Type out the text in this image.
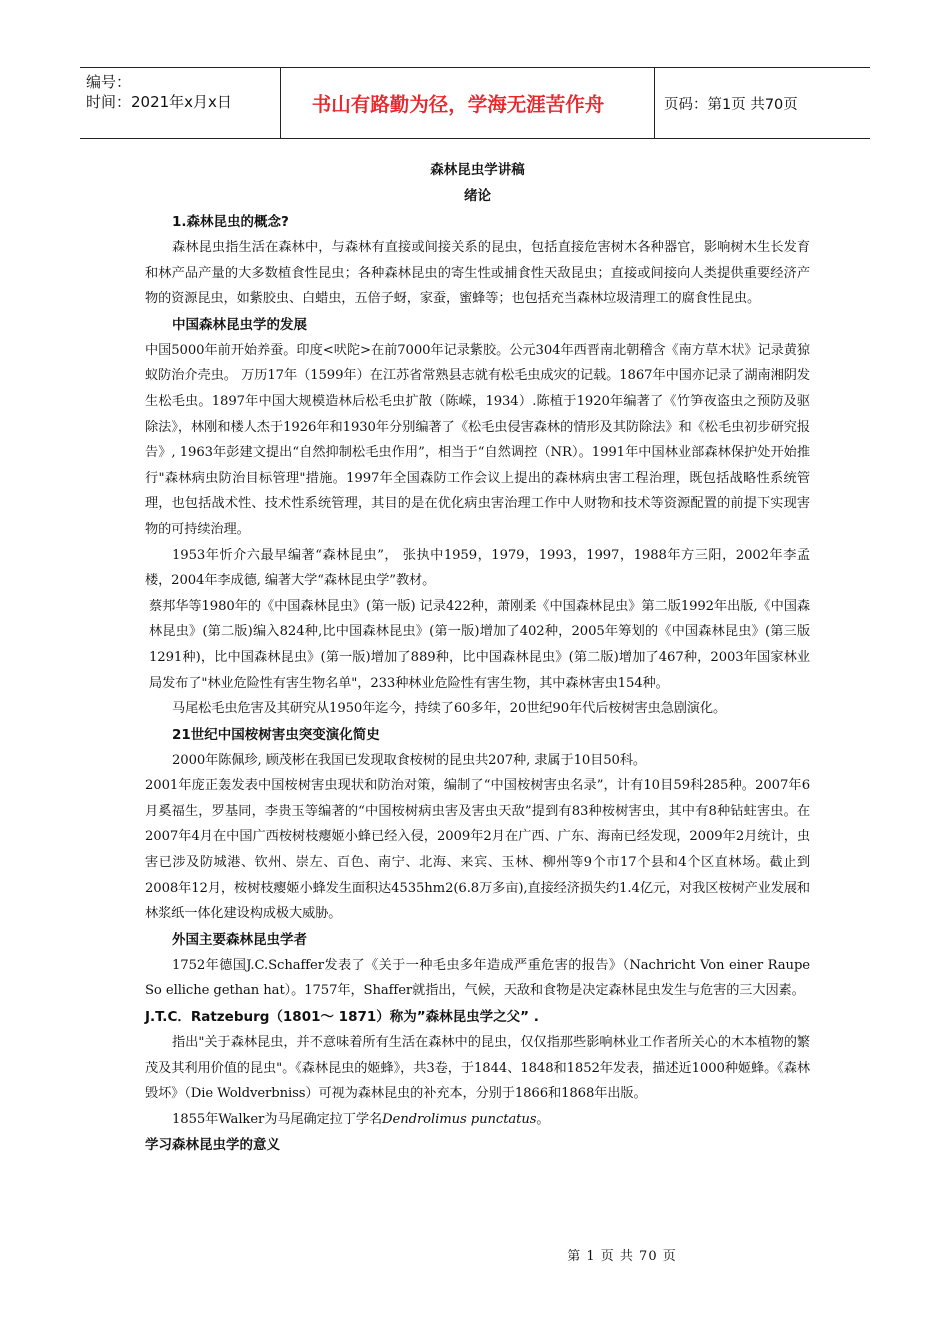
编号：
时间：2021年x月x日	书山有路勤为径，学海无涯苦作舟	页码：第1页 共70页
森林昆虫学讲稿
绪论
1.森林昆虫的概念?

森林昆虫指生活在森林中，与森林有直接或间接关系的昆虫，包括直接危害树木各种器官，影响树木生长发育和林产品产量的大多数植食性昆虫；各种森林昆虫的寄生性或捕食性天敌昆虫；直接或间接向人类提供重要经济产物的资源昆虫，如紫胶虫、白蜡虫，五倍子蚜，家蚕，蜜蜂等；也包括充当森林垃圾清理工的腐食性昆虫。

中国森林昆虫学的发展

中国5000年前开始养蚕。印度<吠陀>在前7000年记录紫胶。公元304年西晋南北朝稽含《南方草木状》记录黄猄蚁防治介壳虫。 万历17年（1599年）在江苏省常熟县志就有松毛虫成灾的记载。1867年中国亦记录了湖南湘阴发生松毛虫。1897年中国大规模造林后松毛虫扩散（陈嵘，1934）.陈植于1920年编著了《竹笋夜盗虫之预防及驱除法》，林刚和楼人杰于1926年和1930年分别编著了《松毛虫侵害森林的情形及其防除法》和《松毛虫初步研究报告》, 1963年彭建文提出“自然抑制松毛虫作用”，相当于“自然调控（NR）。1991年中国林业部森林保护处开始推行"森林病虫防治目标管理"措施。1997年全国森防工作会议上提出的森林病虫害工程治理，既包括战略性系统管理，也包括战术性、技术性系统管理，其目的是在优化病虫害治理工作中人财物和技术等资源配置的前提下实现害物的可持续治理。

1953年忻介六最早编著“森林昆虫”， 张执中1959，1979，1993，1997，1988年方三阳，2002年李孟楼，2004年李成德, 编著大学“森林昆虫学”教材。

蔡邦华等1980年的《中国森林昆虫》(第一版) 记录422种，萧刚柔《中国森林昆虫》第二版1992年出版,《中国森林昆虫》(第二版)编入824种,比中国森林昆虫》(第一版)增加了402种，2005年筹划的《中国森林昆虫》(第三版1291种)，比中国森林昆虫》(第一版)增加了889种，比中国森林昆虫》(第二版)增加了467种，2003年国家林业局发布了"林业危险性有害生物名单"，233种林业危险性有害生物，其中森林害虫154种。

马尾松毛虫危害及其研究从1950年迄今，持续了60多年，20世纪90年代后桉树害虫急剧演化。

21世纪中国桉树害虫突变演化简史

2000年陈佩珍, 顾茂彬在我国已发现取食桉树的昆虫共207种, 隶属于10目50科。

2001年庞正轰发表中国桉树害虫现状和防治对策，编制了“中国桉树害虫名录”，计有10目59科285种。2007年6月奚福生，罗基同，李贵玉等编著的“中国桉树病虫害及害虫天敌”提到有83种桉树害虫，其中有8种钻蛀害虫。在2007年4月在中国广西桉树枝瘿姬小蜂已经入侵，2009年2月在广西、广东、海南已经发现，2009年2月统计，虫害已涉及防城港、钦州、崇左、百色、南宁、北海、来宾、玉林、柳州等9个市17个县和4个区直林场。截止到2008年12月，桉树枝瘿姬小蜂发生面积达4535hm2(6.8万多亩),直接经济损失约1.4亿元，对我区桉树产业发展和林浆纸一体化建设构成极大威胁。

外国主要森林昆虫学者

1752年德国J.C.Schaffer发表了《关于一种毛虫多年造成严重危害的报告》（Nachricht Von einer Raupe So elliche gethan hat）。1757年，Shaffer就指出，气候，天敌和食物是决定森林昆虫发生与危害的三大因素。

J.T.C．Ratzeburg（1801～ 1871）称为”森林昆虫学之父” .

指出"关于森林昆虫，并不意味着所有生活在森林中的昆虫，仅仅指那些影响林业工作者所关心的木本植物的繁茂及其利用价值的昆虫"。《森林昆虫的姬蜂》，共3卷，于1844、1848和1852年发表，描述近1000种姬蜂。《森林毁坏》（Die Woldverbniss）可视为森林昆虫的补充本，分别于1866和1868年出版。

1855年Walker为马尾确定拉丁学名Dendrolimus punctatus。

学习森林昆虫学的意义
第 1 页 共 70 页
